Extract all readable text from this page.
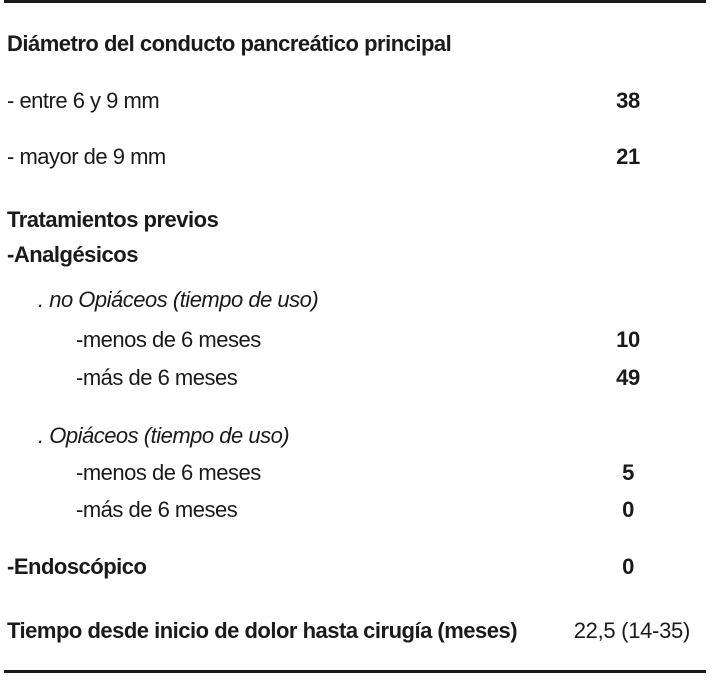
Diámetro del conducto pancreático principal
- entre 6 y 9 mm	38
- mayor de 9 mm	21
Tratamientos previos
-Analgésicos
. no Opiáceos (tiempo de uso)
-menos de 6 meses	10
-más de 6 meses	49
. Opiáceos (tiempo de uso)
-menos de 6 meses	5
-más de 6 meses	0
-Endoscópico	0
Tiempo desde inicio de dolor hasta cirugía (meses)	22,5 (14-35)
